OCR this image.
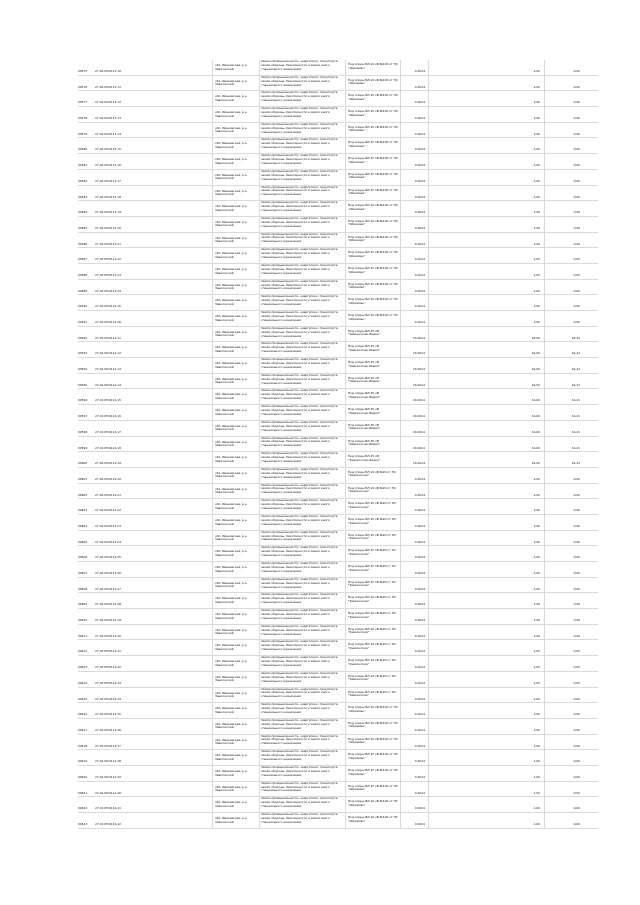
00575	27.04.05/0113-10
обл. Ивановская, р-н Заволжский
Земли промышленности, энергетики, транспорта, земли обороны, безопасности и земли иного специального назначения
Под опоры ВЛ-10 кВ №100 от ПС "Абрамово"
0,0014	1,00	0,00
00576	27.04.05/0113-11
обл. Ивановская, р-н Заволжский
Земли промышленности, энергетики, транспорта, земли обороны, безопасности и земли иного специального назначения
Под опоры ВЛ-10 кВ №100 от ПС "Абрамово"
0,0014	1,00	0,00
00577	27.04.05/0113-12
обл. Ивановская, р-н Заволжский
Земли промышленности, энергетики, транспорта, земли обороны, безопасности и земли иного специального назначения
Под опоры ВЛ-10 кВ №100 от ПС "Абрамово"
0,0014	1,00	0,00
00578	27.04.05/0113-13
обл. Ивановская, р-н Заволжский
Земли промышленности, энергетики, транспорта, земли обороны, безопасности и земли иного специального назначения
Под опоры ВЛ-10 кВ №100 от ПС "Абрамово"
0,0014	1,00	0,00
00579	27.04.05/0113-14
обл. Ивановская, р-н Заволжский
Земли промышленности, энергетики, транспорта, земли обороны, безопасности и земли иного специального назначения
Под опоры ВЛ-10 кВ №100 от ПС "Абрамово"
0,0014	1,00	0,00
00580	27.04.05/0113-15
обл. Ивановская, р-н Заволжский
Земли промышленности, энергетики, транспорта, земли обороны, безопасности и земли иного специального назначения
Под опоры ВЛ-10 кВ №100 от ПС "Абрамово"
0,0014	1,00	0,00
00581	27.04.05/0113-16
обл. Ивановская, р-н Заволжский
Земли промышленности, энергетики, транспорта, земли обороны, безопасности и земли иного специального назначения
Под опоры ВЛ-10 кВ №100 от ПС "Абрамово"
0,0014	1,00	0,00
00582	27.04.05/0113-17
обл. Ивановская, р-н Заволжский
Земли промышленности, энергетики, транспорта, земли обороны, безопасности и земли иного специального назначения
Под опоры ВЛ-10 кВ №100 от ПС "Абрамово"
0,0014	1,00	0,00
00583	27.04.05/0113-18
обл. Ивановская, р-н Заволжский
Земли промышленности, энергетики, транспорта, земли обороны, безопасности и земли иного специального назначения
Под опоры ВЛ-10 кВ №100 от ПС "Абрамово"
0,0014	1,00	0,00
00584	27.04.05/0113-19
обл. Ивановская, р-н Заволжский
Земли промышленности, энергетики, транспорта, земли обороны, безопасности и земли иного специального назначения
Под опоры ВЛ-10 кВ №100 от ПС "Абрамово"
0,0014	1,00	0,00
00585	27.04.05/0113-20
обл. Ивановская, р-н Заволжский
Земли промышленности, энергетики, транспорта, земли обороны, безопасности и земли иного специального назначения
Под опоры ВЛ-10 кВ №100 от ПС "Абрамово"
0,0014	1,00	0,00
00586	27.04.05/0113-21
обл. Ивановская, р-н Заволжский
Земли промышленности, энергетики, транспорта, земли обороны, безопасности и земли иного специального назначения
Под опоры ВЛ-10 кВ №100 от ПС "Абрамово"
0,0014	1,00	0,00
00587	27.04.05/0113-22
обл. Ивановская, р-н Заволжский
Земли промышленности, энергетики, транспорта, земли обороны, безопасности и земли иного специального назначения
Под опоры ВЛ-10 кВ №100 от ПС "Абрамово"
0,0014	1,00	0,00
00588	27.04.05/0113-23
обл. Ивановская, р-н Заволжский
Земли промышленности, энергетики, транспорта, земли обороны, безопасности и земли иного специального назначения
Под опоры ВЛ-10 кВ №100 от ПС "Абрамово"
0,0014	1,00	0,00
00589	27.04.05/0113-24
обл. Ивановская, р-н Заволжский
Земли промышленности, энергетики, транспорта, земли обороны, безопасности и земли иного специального назначения
Под опоры ВЛ-10 кВ №100 от ПС "Абрамово"
0,0014	1,00	0,00
00590	27.04.05/0113-25
обл. Ивановская, р-н Заволжский
Земли промышленности, энергетики, транспорта, земли обороны, безопасности и земли иного специального назначения
Под опоры ВЛ-10 кВ №100 от ПС "Абрамово"
0,0014	1,00	0,00
00591	27.04.05/0113-26
обл. Ивановская, р-н Заволжский
Земли промышленности, энергетики, транспорта, земли обороны, безопасности и земли иного специального назначения
Под опоры ВЛ-10 кВ №100 от ПС "Абрамово"
0,0014	1,00	0,00
00592	27.04.05/0114-11
обл. Ивановская, р-н Заволжский
Земли промышленности, энергетики, транспорта, земли обороны, безопасности и земли иного специального назначения
Под опоры ВЛ-35 кВ "Заволжская-Жарки"
16,0014	16,00	16,41
00593	27.04.05/0114-12
обл. Ивановская, р-н Заволжский
Земли промышленности, энергетики, транспорта, земли обороны, безопасности и земли иного специального назначения
Под опоры ВЛ-35 кВ "Заволжская-Жарки"
16,0014	16,00	16,41
00594	27.04.05/0114-13
обл. Ивановская, р-н Заволжский
Земли промышленности, энергетики, транспорта, земли обороны, безопасности и земли иного специального назначения
Под опоры ВЛ-35 кВ "Заволжская-Жарки"
16,0014	16,00	16,41
00595	27.04.05/0114-14
обл. Ивановская, р-н Заволжский
Земли промышленности, энергетики, транспорта, земли обороны, безопасности и земли иного специального назначения
Под опоры ВЛ-35 кВ "Заволжская-Жарки"
16,0014	16,00	16,41
00596	27.04.05/0114-15
обл. Ивановская, р-н Заволжский
Земли промышленности, энергетики, транспорта, земли обороны, безопасности и земли иного специального назначения
Под опоры ВЛ-35 кВ "Заволжская-Жарки"
16,0014	16,00	16,41
00597	27.04.05/0114-16
обл. Ивановская, р-н Заволжский
Земли промышленности, энергетики, транспорта, земли обороны, безопасности и земли иного специального назначения
Под опоры ВЛ-35 кВ "Заволжская-Жарки"
16,0014	16,00	16,41
00598	27.04.05/0114-17
обл. Ивановская, р-н Заволжский
Земли промышленности, энергетики, транспорта, земли обороны, безопасности и земли иного специального назначения
Под опоры ВЛ-35 кВ "Заволжская-Жарки"
16,0014	16,00	16,41
00599	27.04.05/0114-18
обл. Ивановская, р-н Заволжский
Земли промышленности, энергетики, транспорта, земли обороны, безопасности и земли иного специального назначения
Под опоры ВЛ-35 кВ "Заволжская-Жарки"
16,0014	16,00	16,41
00600	27.04.05/0114-19
обл. Ивановская, р-н Заволжский
Земли промышленности, энергетики, транспорта, земли обороны, безопасности и земли иного специального назначения
Под опоры ВЛ-35 кВ "Заволжская-Жарки"
16,0014	16,00	16,41
00601	27.04.05/0114-20
обл. Ивановская, р-н Заволжский
Земли промышленности, энергетики, транспорта, земли обороны, безопасности и земли иного специального назначения
Под опоры ВЛ-10 кВ №20 от ПС "Заволжская"
0,0014	1,00	0,00
00602	27.04.05/0114-21
обл. Ивановская, р-н Заволжский
Земли промышленности, энергетики, транспорта, земли обороны, безопасности и земли иного специального назначения
Под опоры ВЛ-10 кВ №20 от ПС "Заволжская"
0,0014	1,00	0,00
00603	27.04.05/0114-22
обл. Ивановская, р-н Заволжский
Земли промышленности, энергетики, транспорта, земли обороны, безопасности и земли иного специального назначения
Под опоры ВЛ-10 кВ №20 от ПС "Заволжская"
0,0014	1,00	0,00
00604	27.04.05/0114-23
обл. Ивановская, р-н Заволжский
Земли промышленности, энергетики, транспорта, земли обороны, безопасности и земли иного специального назначения
Под опоры ВЛ-10 кВ №20 от ПС "Заволжская"
0,0014	1,00	0,00
00605	27.04.05/0114-24
обл. Ивановская, р-н Заволжский
Земли промышленности, энергетики, транспорта, земли обороны, безопасности и земли иного специального назначения
Под опоры ВЛ-10 кВ №20 от ПС "Заволжская"
0,0014	1,00	0,00
00606	27.04.05/0114-25
обл. Ивановская, р-н Заволжский
Земли промышленности, энергетики, транспорта, земли обороны, безопасности и земли иного специального назначения
Под опоры ВЛ-10 кВ №20 от ПС "Заволжская"
0,0014	1,00	0,00
00607	27.04.05/0114-26
обл. Ивановская, р-н Заволжский
Земли промышленности, энергетики, транспорта, земли обороны, безопасности и земли иного специального назначения
Под опоры ВЛ-10 кВ №20 от ПС "Заволжская"
0,0014	1,00	0,00
00608	27.04.05/0114-27
обл. Ивановская, р-н Заволжский
Земли промышленности, энергетики, транспорта, земли обороны, безопасности и земли иного специального назначения
Под опоры ВЛ-10 кВ №20 от ПС "Заволжская"
0,0014	1,00	0,00
00609	27.04.05/0114-28
обл. Ивановская, р-н Заволжский
Земли промышленности, энергетики, транспорта, земли обороны, безопасности и земли иного специального назначения
Под опоры ВЛ-10 кВ №20 от ПС "Заволжская"
0,0014	1,00	0,00
00610	27.04.05/0114-29
обл. Ивановская, р-н Заволжский
Земли промышленности, энергетики, транспорта, земли обороны, безопасности и земли иного специального назначения
Под опоры ВЛ-10 кВ №20 от ПС "Заволжская"
0,0014	1,00	0,00
00611	27.04.05/0114-30
обл. Ивановская, р-н Заволжский
Земли промышленности, энергетики, транспорта, земли обороны, безопасности и земли иного специального назначения
Под опоры ВЛ-10 кВ №20 от ПС "Заволжская"
0,0014	1,00	0,00
00612	27.04.05/0114-31
обл. Ивановская, р-н Заволжский
Земли промышленности, энергетики, транспорта, земли обороны, безопасности и земли иного специального назначения
Под опоры ВЛ-10 кВ №20 от ПС "Заволжская"
0,0014	1,00	0,00
00613	27.04.05/0114-32
обл. Ивановская, р-н Заволжский
Земли промышленности, энергетики, транспорта, земли обороны, безопасности и земли иного специального назначения
Под опоры ВЛ-10 кВ №20 от ПС "Заволжская"
0,0014	1,00	0,00
00614	27.04.05/0114-33
обл. Ивановская, р-н Заволжский
Земли промышленности, энергетики, транспорта, земли обороны, безопасности и земли иного специального назначения
Под опоры ВЛ-10 кВ №20 от ПС "Заволжская"
0,0014	1,00	0,00
00615	27.04.05/0114-34
обл. Ивановская, р-н Заволжский
Земли промышленности, энергетики, транспорта, земли обороны, безопасности и земли иного специального назначения
Под опоры ВЛ-10 кВ №20 от ПС "Заволжская"
0,0014	1,00	0,00
00616	27.04.05/0114-35
обл. Ивановская, р-н Заволжский
Земли промышленности, энергетики, транспорта, земли обороны, безопасности и земли иного специального назначения
Под опоры ВЛ-10 кВ №100 от ПС "Абрамово"
0,0014	1,00	0,00
00617	27.04.05/0114-36
обл. Ивановская, р-н Заволжский
Земли промышленности, энергетики, транспорта, земли обороны, безопасности и земли иного специального назначения
Под опоры ВЛ-10 кВ №100 от ПС "Абрамово"
0,0014	1,00	0,00
00618	27.04.05/0114-37
обл. Ивановская, р-н Заволжский
Земли промышленности, энергетики, транспорта, земли обороны, безопасности и земли иного специального назначения
Под опоры ВЛ-10 кВ №100 от ПС "Абрамово"
0,0014	1,00	0,00
00619	27.04.05/0114-38
обл. Ивановская, р-н Заволжский
Земли промышленности, энергетики, транспорта, земли обороны, безопасности и земли иного специального назначения
Под опоры ВЛ-10 кВ №100 от ПС "Абрамово"
0,0014	1,00	0,00
00620	27.04.05/0114-39
обл. Ивановская, р-н Заволжский
Земли промышленности, энергетики, транспорта, земли обороны, безопасности и земли иного специального назначения
Под опоры ВЛ-10 кВ №100 от ПС "Абрамово"
0,0014	1,00	0,00
00621	27.04.05/0114-40
обл. Ивановская, р-н Заволжский
Земли промышленности, энергетики, транспорта, земли обороны, безопасности и земли иного специального назначения
Под опоры ВЛ-10 кВ №100 от ПС "Абрамово"
0,0014	1,00	0,00
00622	27.04.05/0114-41
обл. Ивановская, р-н Заволжский
Земли промышленности, энергетики, транспорта, земли обороны, безопасности и земли иного специального назначения
Под опоры ВЛ-10 кВ №100 от ПС "Абрамово"
0,0014	1,00	0,00
00623	27.04.05/0114-42
обл. Ивановская, р-н Заволжский
Земли промышленности, энергетики, транспорта, земли обороны, безопасности и земли иного специального назначения
Под опоры ВЛ-10 кВ №100 от ПС "Абрамово"
0,0014	1,00	0,00
